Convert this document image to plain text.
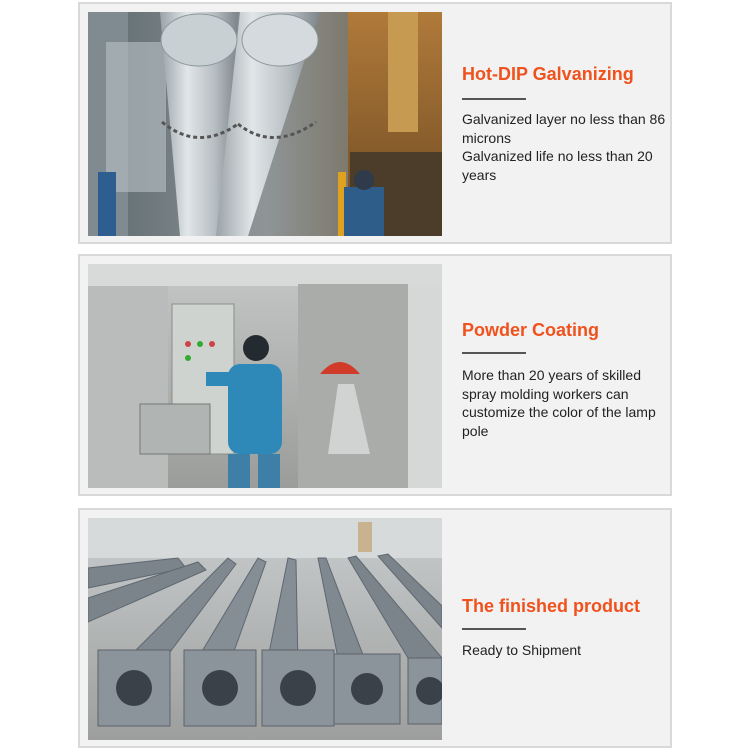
Hot-DIP Galvanizing

Galvanized layer no less than 86 microns
Galvanized life no less than 20 years

Powder Coating

More than 20 years of skilled spray molding workers can customize the color of the lamp pole

The finished product

Ready to Shipment
